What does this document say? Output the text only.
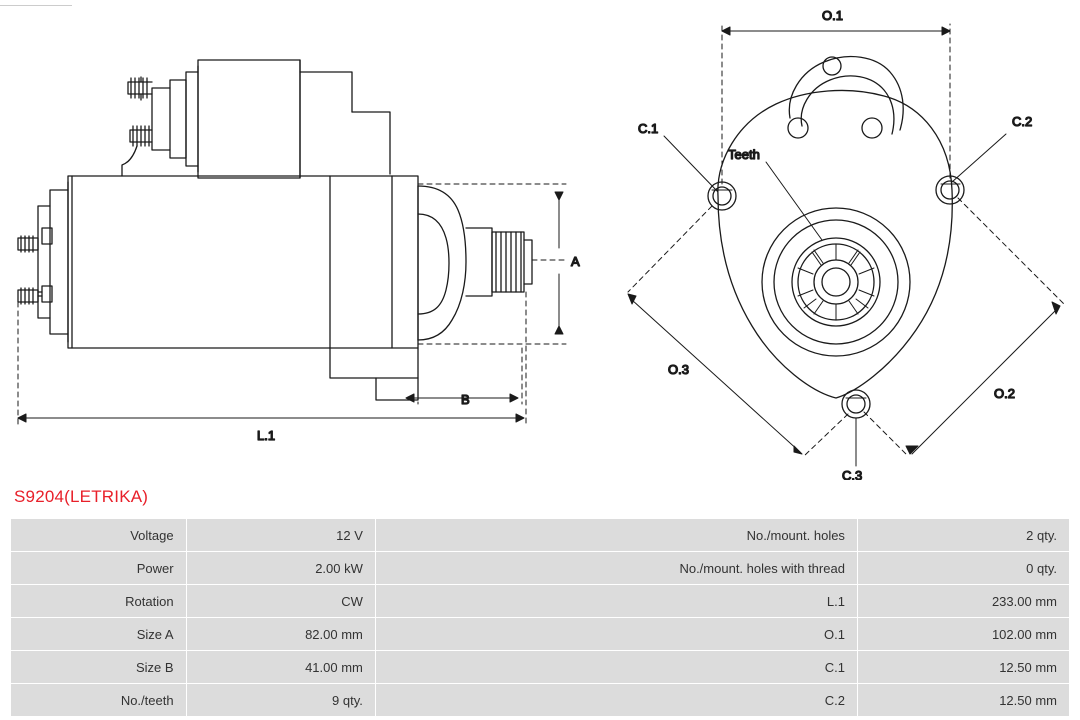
A
B
L.1
O.1
O.2
O.3
C.1	C.2
C.3
Teeth
S9204(LETRIKA)
Voltage	12 V	No./mount. holes	2 qty.
Power	2.00 kW	No./mount. holes with thread	0 qty.
Rotation	CW	L.1	233.00 mm
Size A	82.00 mm	O.1	102.00 mm
Size B	41.00 mm	C.1	12.50 mm
No./teeth	9 qty.	C.2	12.50 mm
